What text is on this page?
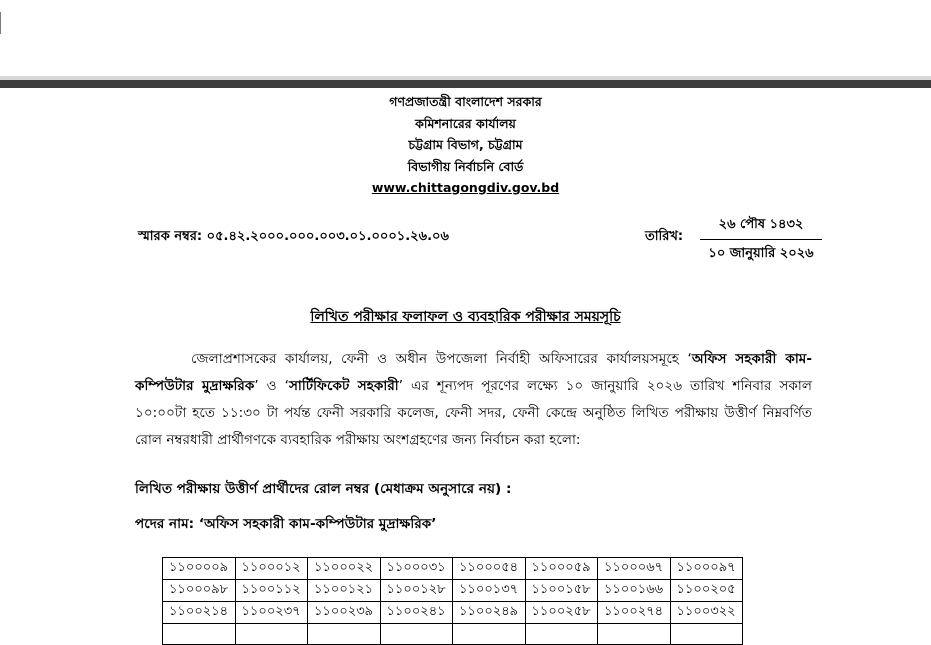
গণপ্রজাতন্ত্রী বাংলাদেশ সরকার
কমিশনারের কার্যালয়
চট্টগ্রাম বিভাগ, চট্টগ্রাম
বিভাগীয় নির্বাচনি বোর্ড
www.chittagongdiv.gov.bd
স্মারক নম্বর: ০৫.৪২.২০০০.০০০.০০৩.০১.০০০১.২৬.০৬	তারিখ:
২৬ পৌষ ১৪৩২
১০ জানুয়ারি ২০২৬
লিখিত পরীক্ষার ফলাফল ও ব্যবহারিক পরীক্ষার সময়সূচি
জেলাপ্রশাসকের কার্যালয়, ফেনী ও অধীন উপজেলা নির্বাহী অফিসারের কার্যালয়সমূহে ‘অফিস সহকারী কাম-কম্পিউটার মুদ্রাক্ষরিক’ ও ‘সার্টিফিকেট সহকারী’ এর শূন্যপদ পূরণের লক্ষ্যে ১০ জানুয়ারি ২০২৬ তারিখ শনিবার সকাল ১০:০০টা হতে ১১:৩০ টা পর্যন্ত ফেনী সরকারি কলেজ, ফেনী সদর, ফেনী কেন্দ্রে অনুষ্ঠিত লিখিত পরীক্ষায় উত্তীর্ণ নিম্নবর্ণিত রোল নম্বরধারী প্রার্থীগণকে ব্যবহারিক পরীক্ষায় অংশগ্রহণের জন্য নির্বাচন করা হলো:
লিখিত পরীক্ষায় উত্তীর্ণ প্রার্থীদের রোল নম্বর (মেধাক্রম অনুসারে নয়) :
পদের নাম: ‘অফিস সহকারী কাম-কম্পিউটার মুদ্রাক্ষরিক’
১১০০০০৯	১১০০০১২	১১০০০২২	১১০০০৩১	১১০০০৫৪	১১০০০৫৯	১১০০০৬৭	১১০০০৯৭
১১০০০৯৮	১১০০১১২	১১০০১২১	১১০০১২৮	১১০০১৩৭	১১০০১৫৮	১১০০১৬৬	১১০০২০৫
১১০০২১৪	১১০০২৩৭	১১০০২৩৯	১১০০২৪১	১১০০২৪৯	১১০০২৫৮	১১০০২৭৪	১১০০৩২২
